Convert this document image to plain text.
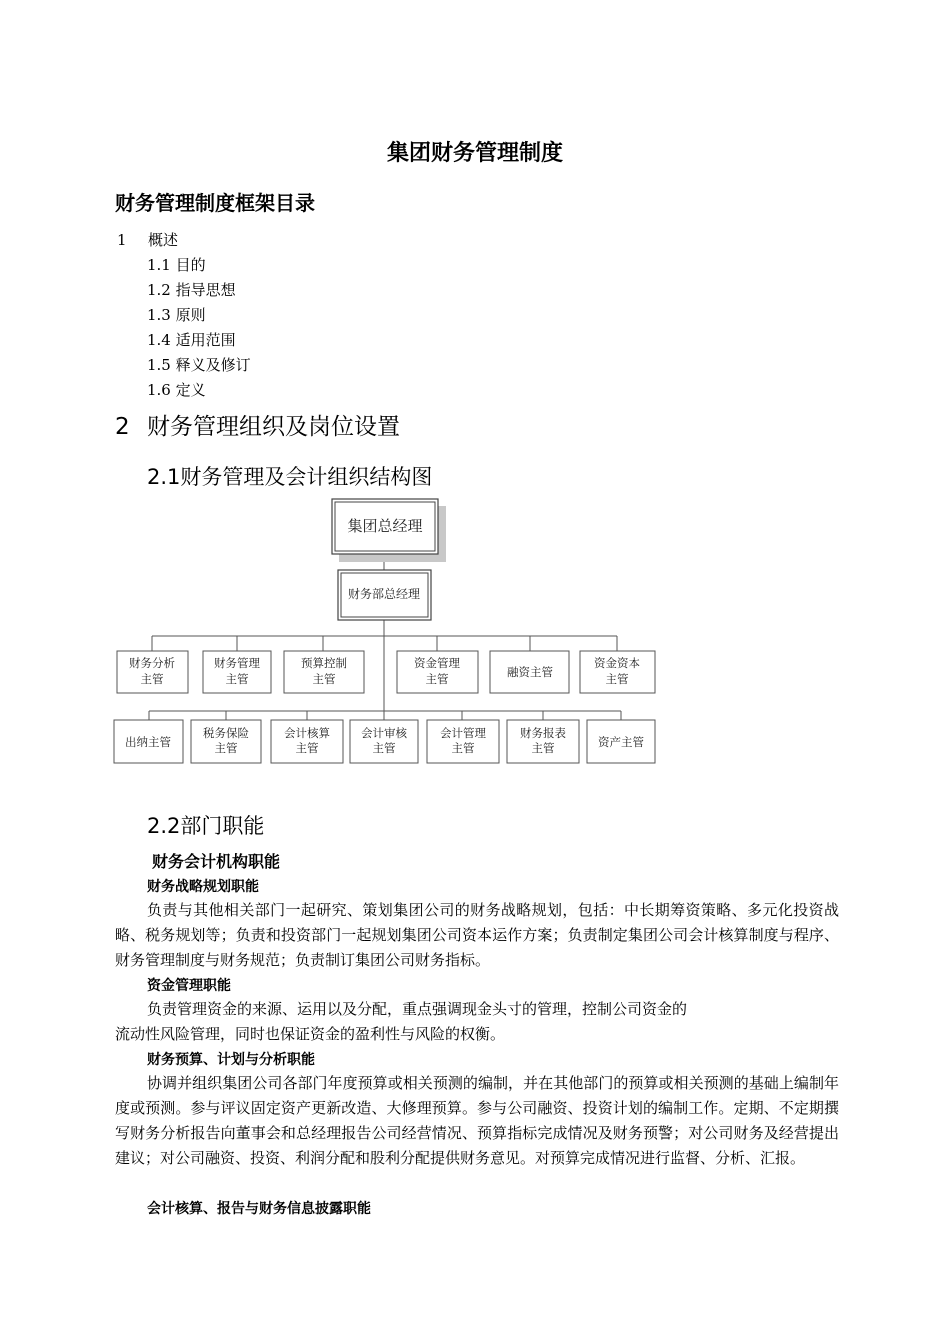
集团财务管理制度
财务管理制度框架目录
1 概述
1.1 目的
1.2 指导思想
1.3 原则
1.4 适用范围
1.5 释义及修订
1.6 定义
2 财务管理组织及岗位设置
2.1财务管理及会计组织结构图
集团总经理
财务部总经理
财务分析
主管
财务管理
主管
预算控制
主管
资金管理
主管	融资主管
资金资本
主管
出纳主管
税务保险
主管
会计核算
主管
会计审核
主管
会计管理
主管
财务报表
主管	资产主管
2.2部门职能
财务会计机构职能
财务战略规划职能
负责与其他相关部门一起研究、策划集团公司的财务战略规划，包括：中长期筹资策略、多元化投资战略、税务规划等；负责和投资部门一起规划集团公司资本运作方案；负责制定集团公司会计核算制度与程序、财务管理制度与财务规范；负责制订集团公司财务指标。
资金管理职能
负责管理资金的来源、运用以及分配，重点强调现金头寸的管理，控制公司资金的
流动性风险管理，同时也保证资金的盈利性与风险的权衡。
财务预算、计划与分析职能
协调并组织集团公司各部门年度预算或相关预测的编制，并在其他部门的预算或相关预测的基础上编制年度或预测。参与评议固定资产更新改造、大修理预算。参与公司融资、投资计划的编制工作。定期、不定期撰写财务分析报告向董事会和总经理报告公司经营情况、预算指标完成情况及财务预警；对公司财务及经营提出建议；对公司融资、投资、利润分配和股利分配提供财务意见。对预算完成情况进行监督、分析、汇报。
会计核算、报告与财务信息披露职能
